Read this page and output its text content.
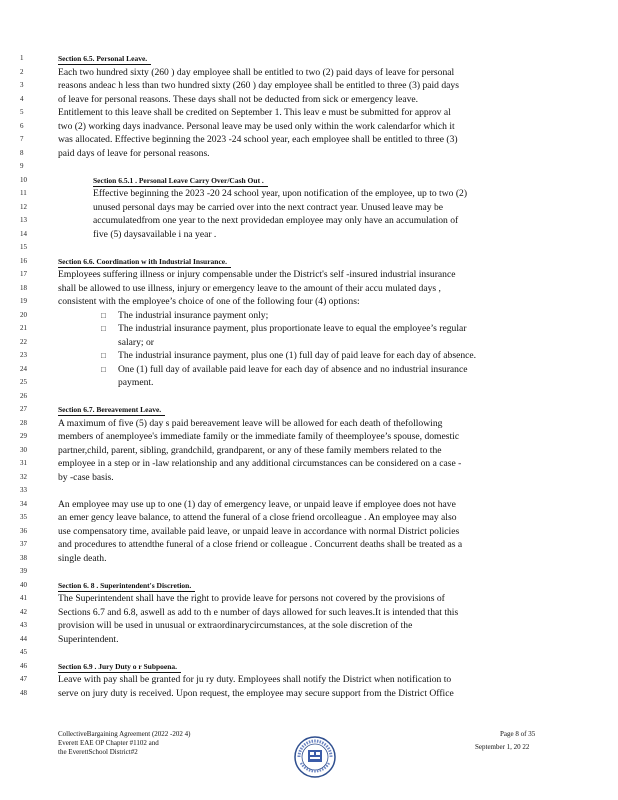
1	Section 6.5. Personal Leave.
2	Each two hundred sixty (260 ) day employee shall be entitled to two (2) paid days of leave for personal
3	reasons andeac h less than two hundred sixty (260 ) day employee shall be entitled to three (3) paid days
4	of leave for personal reasons. These days shall not be deducted from sick or emergency leave.
5	Entitlement to this leave shall be credited on September 1. This leav e must be submitted for approv al
6	two (2) working days inadvance. Personal leave may be used only within the work calendarfor which it
7	was allocated. Effective beginning the 2023 -24 school year, each employee shall be entitled to three (3)
8	paid days of leave for personal reasons.
9
10	Section 6.5.1 . Personal Leave Carry Over/Cash Out .
11	Effective beginning the 2023 -20 24 school year, upon notification of the employee, up to two (2)
12	unused personal days may be carried over into the next contract year. Unused leave may be
13	accumulatedfrom one year to the next providedan employee may only have an accumulation of
14	five (5) daysavailable i na year .
15
16	Section 6.6. Coordination w ith Industrial Insurance.
17	Employees suffering illness or injury compensable under the District's self -insured industrial insurance
18	shall be allowed to use illness, injury or emergency leave to the amount of their accu mulated days ,
19	consistent with the employee’s choice of one of the following four (4) options:
20	□ The industrial insurance payment only;
21	□ The industrial insurance payment, plus proportionate leave to equal the employee’s regular
22	salary; or
23	□ The industrial insurance payment, plus one (1) full day of paid leave for each day of absence.
24	□ One (1) full day of available paid leave for each day of absence and no industrial insurance
25	payment.
26
27	Section 6.7. Bereavement Leave.
28	A maximum of five (5) day s paid bereavement leave will be allowed for each death of thefollowing
29	members of anemployee's immediate family or the immediate family of theemployee’s spouse, domestic
30	partner,child, parent, sibling, grandchild, grandparent, or any of these family members related to the
31	employee in a step or in -law relationship and any additional circumstances can be considered on a case -
32	by -case basis.
33
34	An employee may use up to one (1) day of emergency leave, or unpaid leave if employee does not have
35	an emer gency leave balance, to attend the funeral of a close friend orcolleague . An employee may also
36	use compensatory time, available paid leave, or unpaid leave in accordance with normal District policies
37	and procedures to attendthe funeral of a close friend or colleague . Concurrent deaths shall be treated as a
38	single death.
39
40	Section 6. 8 . Superintendent's Discretion.
41	The Superintendent shall have the right to provide leave for persons not covered by the provisions of
42	Sections 6.7 and 6.8, aswell as add to th e number of days allowed for such leaves.It is intended that this
43	provision will be used in unusual or extraordinarycircumstances, at the sole discretion of the
44	Superintendent.
45
46	Section 6.9 . Jury Duty o r Subpoena.
47	Leave with pay shall be granted for ju ry duty. Employees shall notify the District when notification to
48	serve on jury duty is received. Upon request, the employee may secure support from the District Office
CollectiveBargaining Agreement (2022 -202 4)
Everett EAE OP Chapter #1102 and
the EverettSchool District#2
Page 8 of 35
September 1, 20 22
